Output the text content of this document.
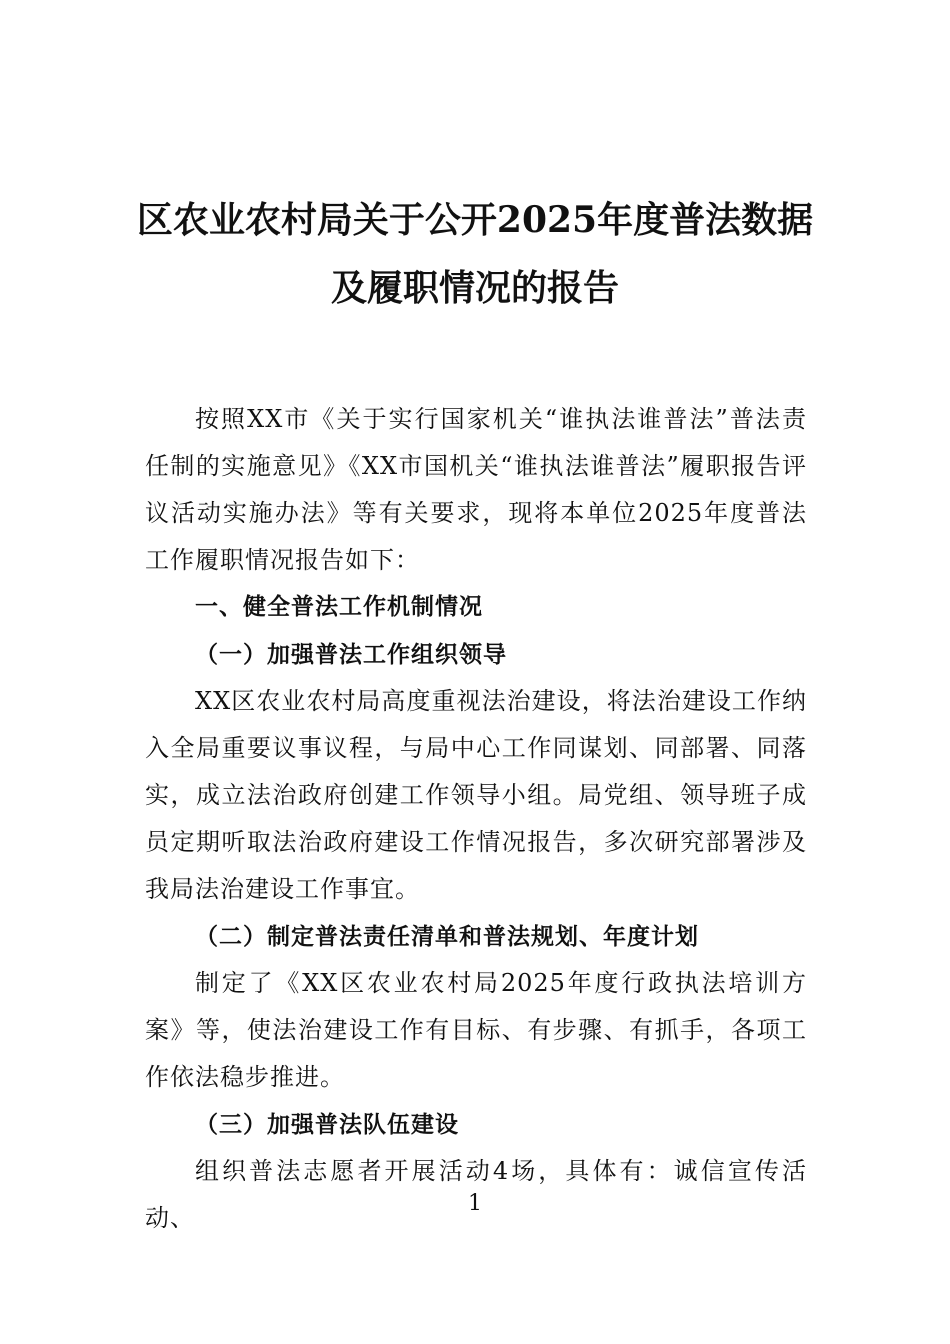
区农业农村局关于公开2025年度普法数据
及履职情况的报告

按照XX市《关于实行国家机关“谁执法谁普法”普法责任制的实施意见》《XX市国机关“谁执法谁普法”履职报告评议活动实施办法》等有关要求，现将本单位2025年度普法工作履职情况报告如下：

一、健全普法工作机制情况

（一）加强普法工作组织领导

XX区农业农村局高度重视法治建设，将法治建设工作纳入全局重要议事议程，与局中心工作同谋划、同部署、同落实，成立法治政府创建工作领导小组。局党组、领导班子成员定期听取法治政府建设工作情况报告，多次研究部署涉及我局法治建设工作事宜。

（二）制定普法责任清单和普法规划、年度计划

制定了《XX区农业农村局2025年度行政执法培训方案》等，使法治建设工作有目标、有步骤、有抓手，各项工作依法稳步推进。

（三）加强普法队伍建设

组织普法志愿者开展活动4场，具体有：诚信宣传活动、

1
